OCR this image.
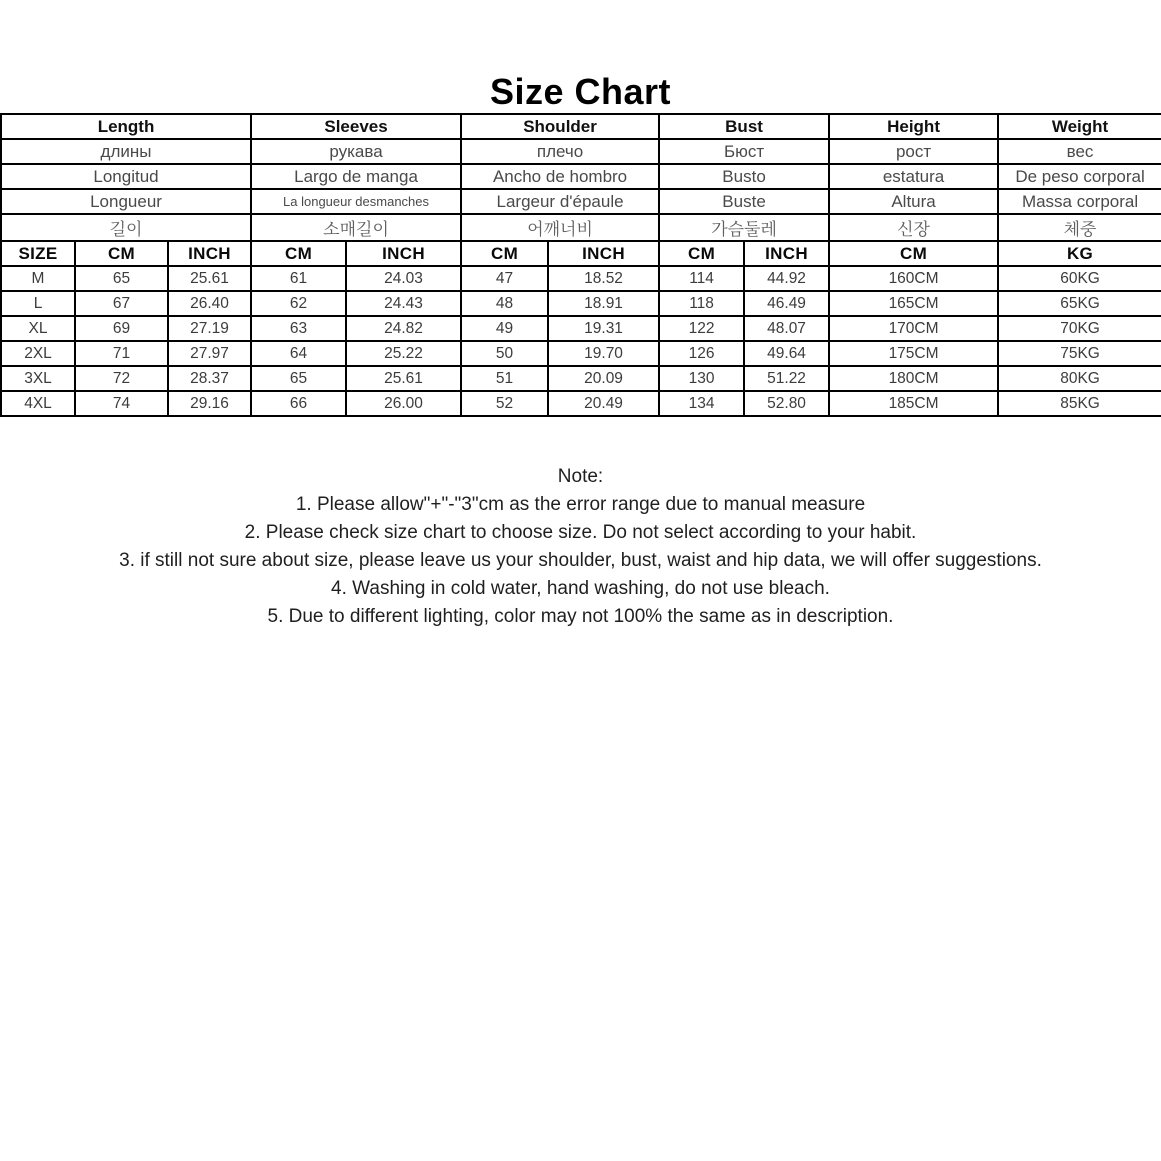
Size Chart
Length			Sleeves		Shoulder		Bust		Height	Weight
длины			рукава		плечо		Бюст		рост	вес
Longitud			Largo de manga		Ancho de hombro		Busto		estatura	De peso corporal
Longueur			La longueur desmanches		Largeur d'épaule		Buste		Altura	Massa corporal
길이			소매길이		어깨너비		가슴둘레		신장	체중
SIZE	CM	INCH	CM	INCH	CM	INCH	CM	INCH	CM	KG
M	65	25.61	61	24.03	47	18.52	114	44.92	160CM	60KG
L	67	26.40	62	24.43	48	18.91	118	46.49	165CM	65KG
XL	69	27.19	63	24.82	49	19.31	122	48.07	170CM	70KG
2XL	71	27.97	64	25.22	50	19.70	126	49.64	175CM	75KG
3XL	72	28.37	65	25.61	51	20.09	130	51.22	180CM	80KG
4XL	74	29.16	66	26.00	52	20.49	134	52.80	185CM	85KG

Note:

1. Please allow"+"-"3"cm as the error range due to manual measure

2. Please check size chart to choose size. Do not select according to your habit.

3. if still not sure about size, please leave us your shoulder, bust, waist and hip data, we will offer suggestions.

4. Washing in cold water, hand washing, do not use bleach.

5. Due to different lighting, color may not 100% the same as in description.
